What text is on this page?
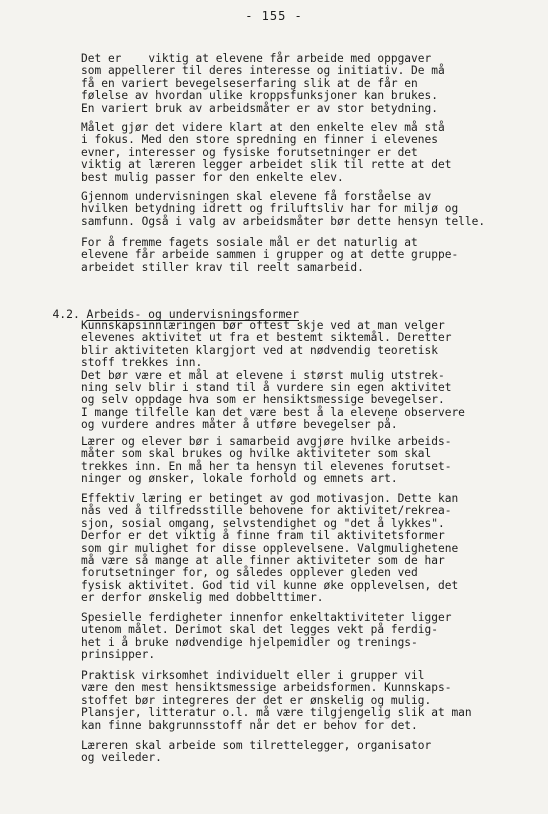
- 155 -
Det er    viktig at elevene får arbeide med oppgaver
som appellerer til deres interesse og initiativ. De må
få en variert bevegelseserfaring slik at de får en
følelse av hvordan ulike kroppsfunksjoner kan brukes.
En variert bruk av arbeidsmåter er av stor betydning.
Målet gjør det videre klart at den enkelte elev må stå
i fokus. Med den store spredning en finner i elevenes
evner, interesser og fysiske forutsetninger er det
viktig at læreren legger arbeidet slik til rette at det
best mulig passer for den enkelte elev.
Gjennom undervisningen skal elevene få forståelse av
hvilken betydning idrett og friluftsliv har for miljø og
samfunn. Også i valg av arbeidsmåter bør dette hensyn telle.
For å fremme fagets sosiale mål er det naturlig at
elevene får arbeide sammen i grupper og at dette gruppe-
arbeidet stiller krav til reelt samarbeid.

4.2. Arbeids- og undervisningsformer

Kunnskapsinnlæringen bør oftest skje ved at man velger
elevenes aktivitet ut fra et bestemt siktemål. Deretter
blir aktiviteten klargjort ved at nødvendig teoretisk
stoff trekkes inn.
Det bør være et mål at elevene i størst mulig utstrek-
ning selv blir i stand til å vurdere sin egen aktivitet
og selv oppdage hva som er hensiktsmessige bevegelser.
I mange tilfelle kan det være best å la elevene observere
og vurdere andres måter å utføre bevegelser på.
Lærer og elever bør i samarbeid avgjøre hvilke arbeids-
måter som skal brukes og hvilke aktiviteter som skal
trekkes inn. En må her ta hensyn til elevenes forutset-
ninger og ønsker, lokale forhold og emnets art.
Effektiv læring er betinget av god motivasjon. Dette kan
nås ved å tilfredsstille behovene for aktivitet/rekrea-
sjon, sosial omgang, selvstendighet og "det å lykkes".
Derfor er det viktig å finne fram til aktivitetsformer
som gir mulighet for disse opplevelsene. Valgmulighetene
må være så mange at alle finner aktiviteter som de har
forutsetninger for, og således opplever gleden ved
fysisk aktivitet. God tid vil kunne øke opplevelsen, det
er derfor ønskelig med dobbelttimer.
Spesielle ferdigheter innenfor enkeltaktiviteter ligger
utenom målet. Derimot skal det legges vekt på ferdig-
het i å bruke nødvendige hjelpemidler og trenings-
prinsipper.
Praktisk virksomhet individuelt eller i grupper vil
være den mest hensiktsmessige arbeidsformen. Kunnskaps-
stoffet bør integreres der det er ønskelig og mulig.
Plansjer, litteratur o.l. må være tilgjengelig slik at man
kan finne bakgrunnsstoff når det er behov for det.
Læreren skal arbeide som tilrettelegger, organisator
og veileder.
